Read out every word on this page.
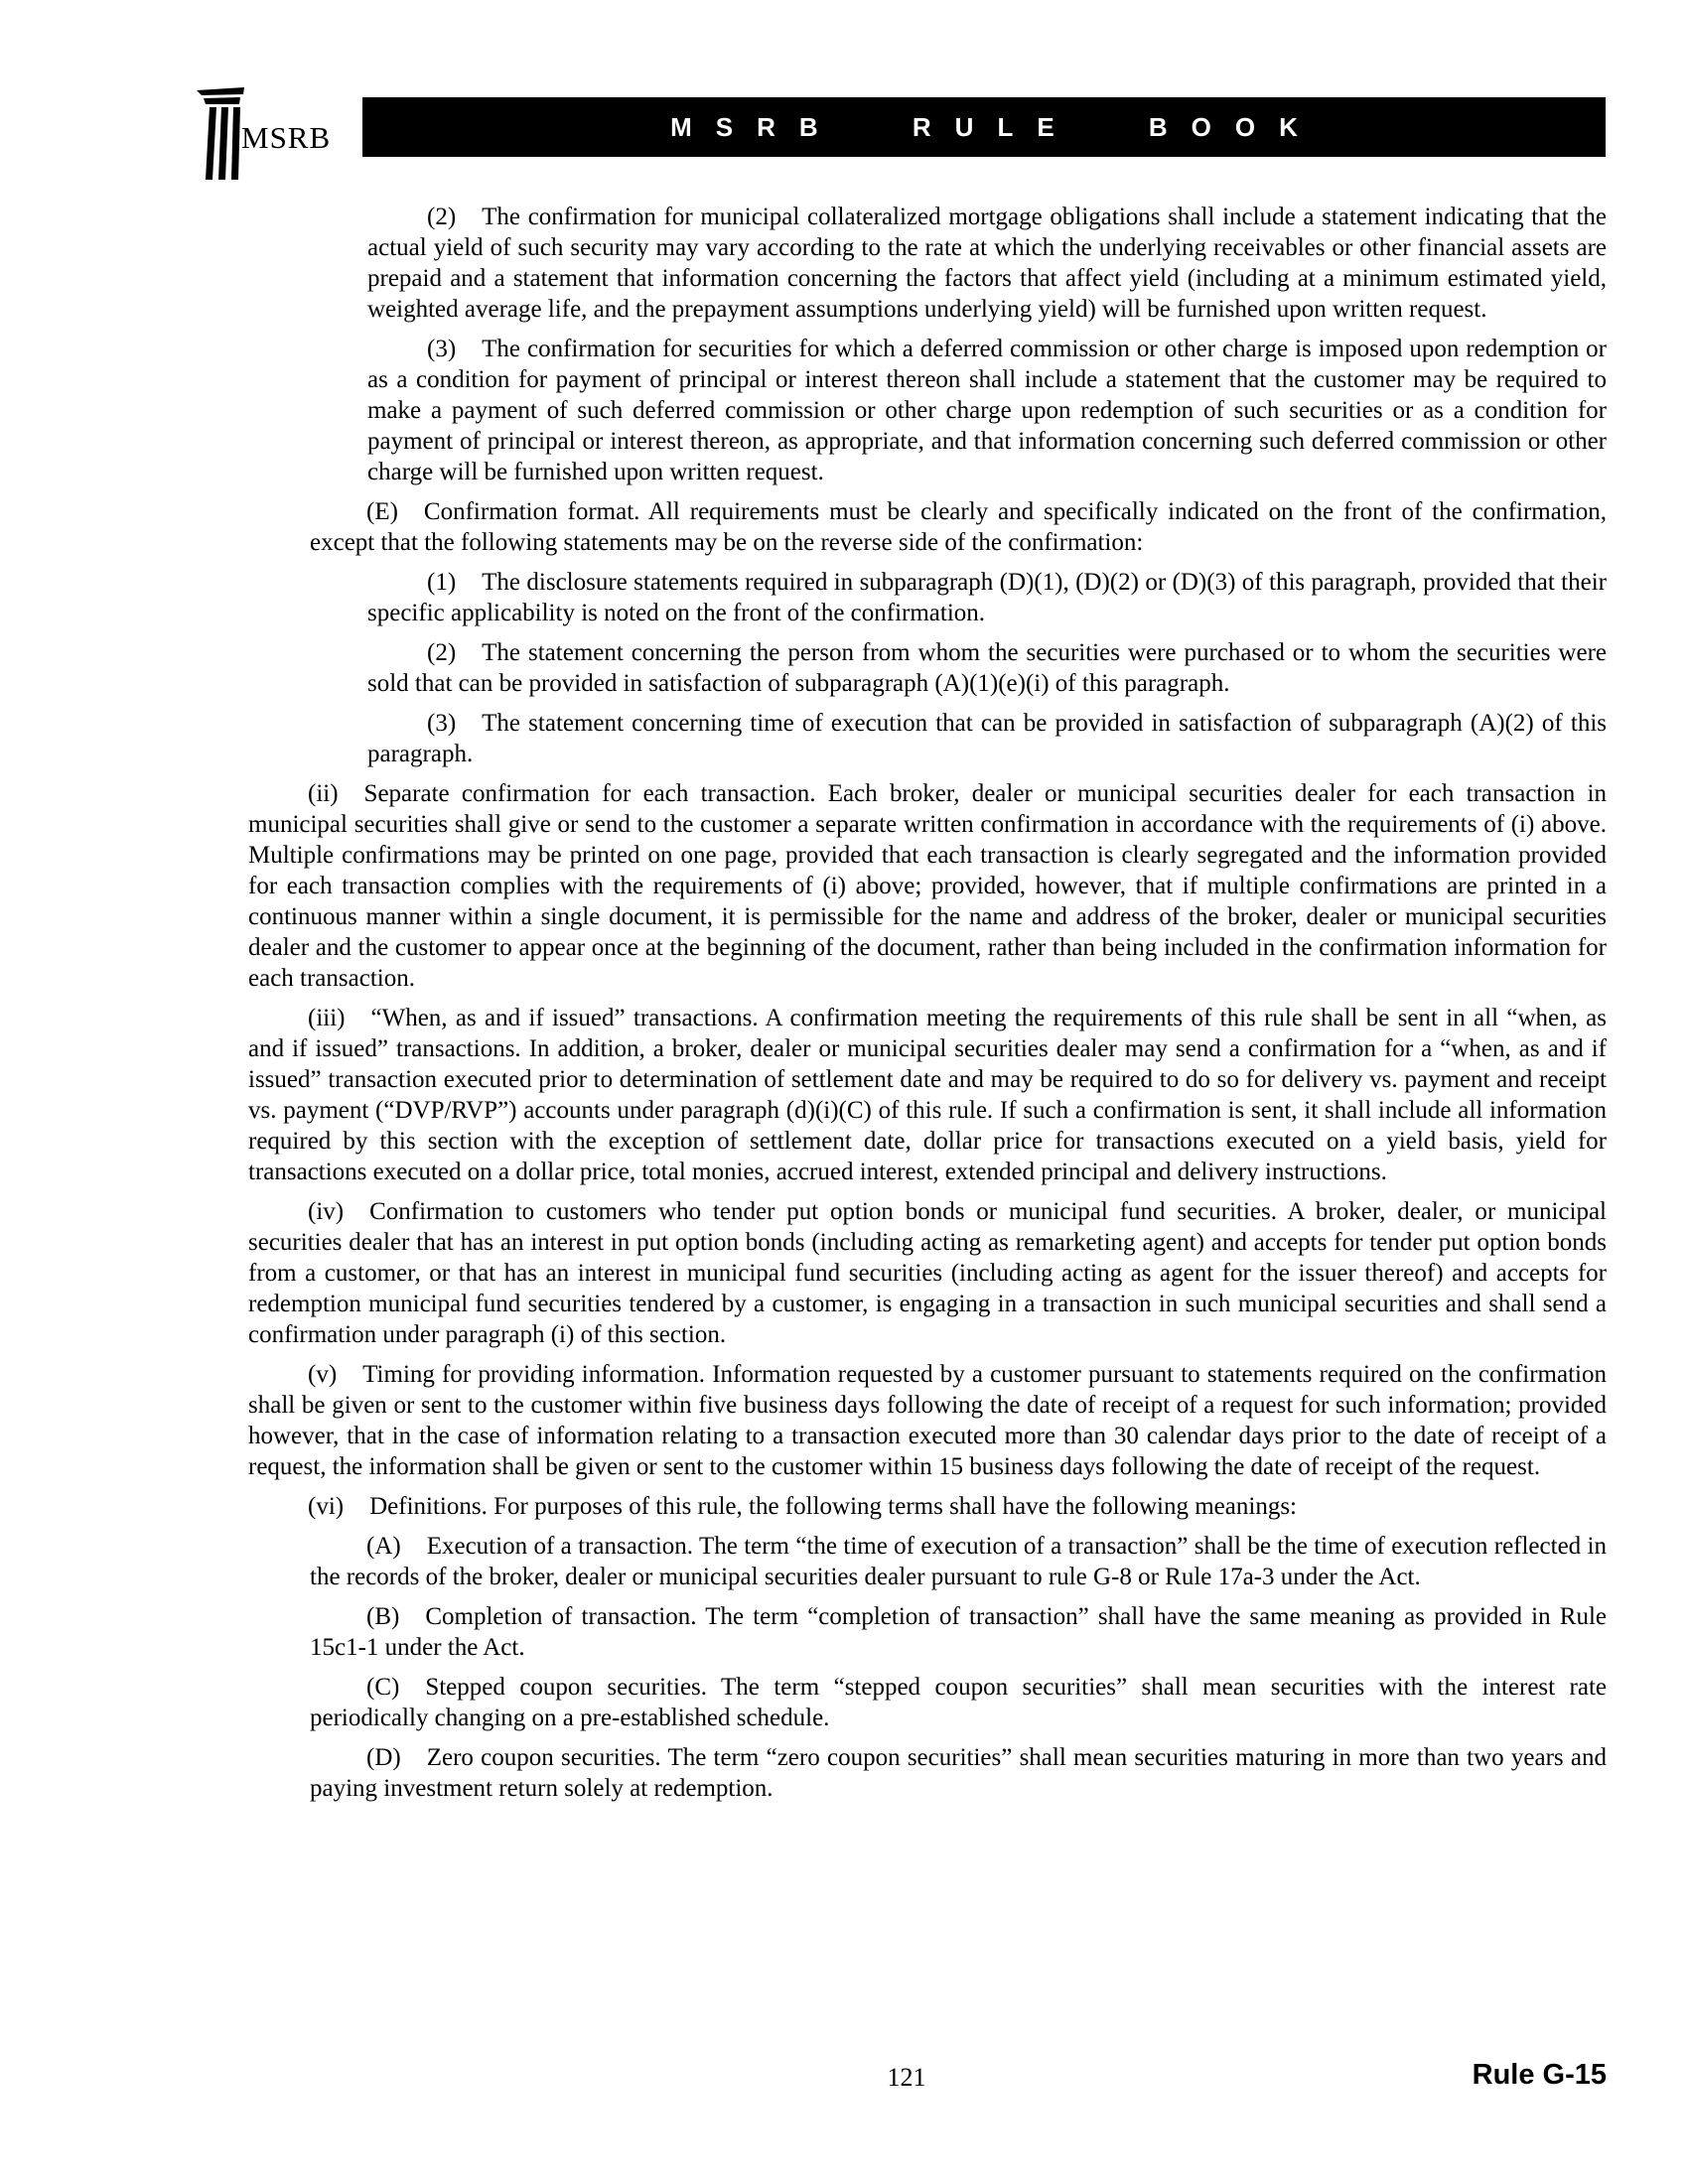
MSRB	MSRB RULE BOOK

(2) The confirmation for municipal collateralized mortgage obligations shall include a statement indicating that the actual yield of such security may vary according to the rate at which the underlying receivables or other financial assets are prepaid and a statement that information concerning the factors that affect yield (including at a minimum estimated yield, weighted average life, and the prepayment assumptions underlying yield) will be furnished upon written request.

(3) The confirmation for securities for which a deferred commission or other charge is imposed upon redemption or as a condition for payment of principal or interest thereon shall include a statement that the customer may be required to make a payment of such deferred commission or other charge upon redemption of such securities or as a condition for payment of principal or interest thereon, as appropriate, and that information concerning such deferred commission or other charge will be furnished upon written request.

(E) Confirmation format. All requirements must be clearly and specifically indicated on the front of the confirmation, except that the following statements may be on the reverse side of the confirmation:

(1) The disclosure statements required in subparagraph (D)(1), (D)(2) or (D)(3) of this paragraph, provided that their specific applicability is noted on the front of the confirmation.

(2) The statement concerning the person from whom the securities were purchased or to whom the securities were sold that can be provided in satisfaction of subparagraph (A)(1)(e)(i) of this paragraph.

(3) The statement concerning time of execution that can be provided in satisfaction of subparagraph (A)(2) of this paragraph.

(ii) Separate confirmation for each transaction. Each broker, dealer or municipal securities dealer for each transaction in municipal securities shall give or send to the customer a separate written confirmation in accordance with the requirements of (i) above. Multiple confirmations may be printed on one page, provided that each transaction is clearly segregated and the information provided for each transaction complies with the requirements of (i) above; provided, however, that if multiple confirmations are printed in a continuous manner within a single document, it is permissible for the name and address of the broker, dealer or municipal securities dealer and the customer to appear once at the beginning of the document, rather than being included in the confirmation information for each transaction.

(iii) “When, as and if issued” transactions. A confirmation meeting the requirements of this rule shall be sent in all “when, as and if issued” transactions. In addition, a broker, dealer or municipal securities dealer may send a confirmation for a “when, as and if issued” transaction executed prior to determination of settlement date and may be required to do so for delivery vs. payment and receipt vs. payment (“DVP/RVP”) accounts under paragraph (d)(i)(C) of this rule. If such a confirmation is sent, it shall include all information required by this section with the exception of settlement date, dollar price for transactions executed on a yield basis, yield for transactions executed on a dollar price, total monies, accrued interest, extended principal and delivery instructions.

(iv) Confirmation to customers who tender put option bonds or municipal fund securities. A broker, dealer, or municipal securities dealer that has an interest in put option bonds (including acting as remarketing agent) and accepts for tender put option bonds from a customer, or that has an interest in municipal fund securities (including acting as agent for the issuer thereof) and accepts for redemption municipal fund securities tendered by a customer, is engaging in a transaction in such municipal securities and shall send a confirmation under paragraph (i) of this section.

(v) Timing for providing information. Information requested by a customer pursuant to statements required on the confirmation shall be given or sent to the customer within five business days following the date of receipt of a request for such information; provided however, that in the case of information relating to a transaction executed more than 30 calendar days prior to the date of receipt of a request, the information shall be given or sent to the customer within 15 business days following the date of receipt of the request.

(vi) Definitions. For purposes of this rule, the following terms shall have the following meanings:

(A) Execution of a transaction. The term “the time of execution of a transaction” shall be the time of execution reflected in the records of the broker, dealer or municipal securities dealer pursuant to rule G-8 or Rule 17a-3 under the Act.

(B) Completion of transaction. The term “completion of transaction” shall have the same meaning as provided in Rule 15c1-1 under the Act.

(C) Stepped coupon securities. The term “stepped coupon securities” shall mean securities with the interest rate periodically changing on a pre-established schedule.

(D) Zero coupon securities. The term “zero coupon securities” shall mean securities maturing in more than two years and paying investment return solely at redemption.

121	Rule G-15
